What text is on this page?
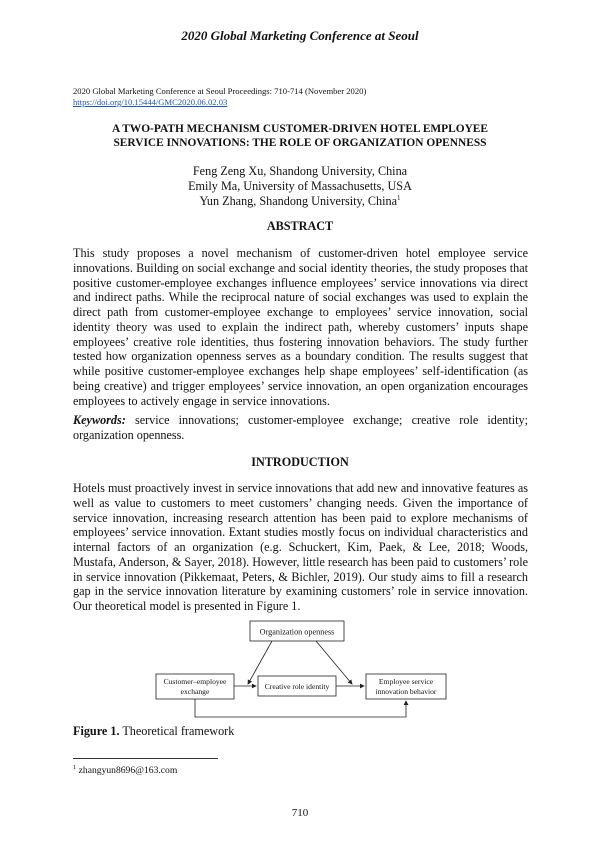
2020 Global Marketing Conference at Seoul
2020 Global Marketing Conference at Seoul Proceedings: 710-714 (November 2020)
https://doi.org/10.15444/GMC2020.06.02.03
A TWO-PATH MECHANISM CUSTOMER-DRIVEN HOTEL EMPLOYEE
SERVICE INNOVATIONS: THE ROLE OF ORGANIZATION OPENNESS
Feng Zeng Xu, Shandong University, China
Emily Ma, University of Massachusetts, USA
Yun Zhang, Shandong University, China$^1$
ABSTRACT

This study proposes a novel mechanism of customer-driven hotel employee service innovations. Building on social exchange and social identity theories, the study proposes that positive customer-employee exchanges influence employees’ service innovations via direct and indirect paths. While the reciprocal nature of social exchanges was used to explain the direct path from customer-employee exchange to employees’ service innovation, social identity theory was used to explain the indirect path, whereby customers’ inputs shape employees’ creative role identities, thus fostering innovation behaviors. The study further tested how organization openness serves as a boundary condition. The results suggest that while positive customer-employee exchanges help shape employees’ self-identification (as being creative) and trigger employees’ service innovation, an open organization encourages employees to actively engage in service innovations.

Keywords: service innovations; customer-employee exchange; creative role identity; organization openness.

INTRODUCTION

Hotels must proactively invest in service innovations that add new and innovative features as well as value to customers to meet customers’ changing needs. Given the importance of service innovation, increasing research attention has been paid to explore mechanisms of employees’ service innovation. Extant studies mostly focus on individual characteristics and internal factors of an organization (e.g. Schuckert, Kim, Paek, & Lee, 2018; Woods, Mustafa, Anderson, & Sayer, 2018). However, little research has been paid to customers’ role in service innovation (Pikkemaat, Peters, & Bichler, 2019). Our study aims to fill a research gap in the service innovation literature by examining customers’ role in service innovation. Our theoretical model is presented in Figure 1.

Organization openness
Customer–employee
exchange
Creative role identity
Employee service
innovation behavior
Figure 1. Theoretical framework
$^1$ zhangyun8696@163.com
710
